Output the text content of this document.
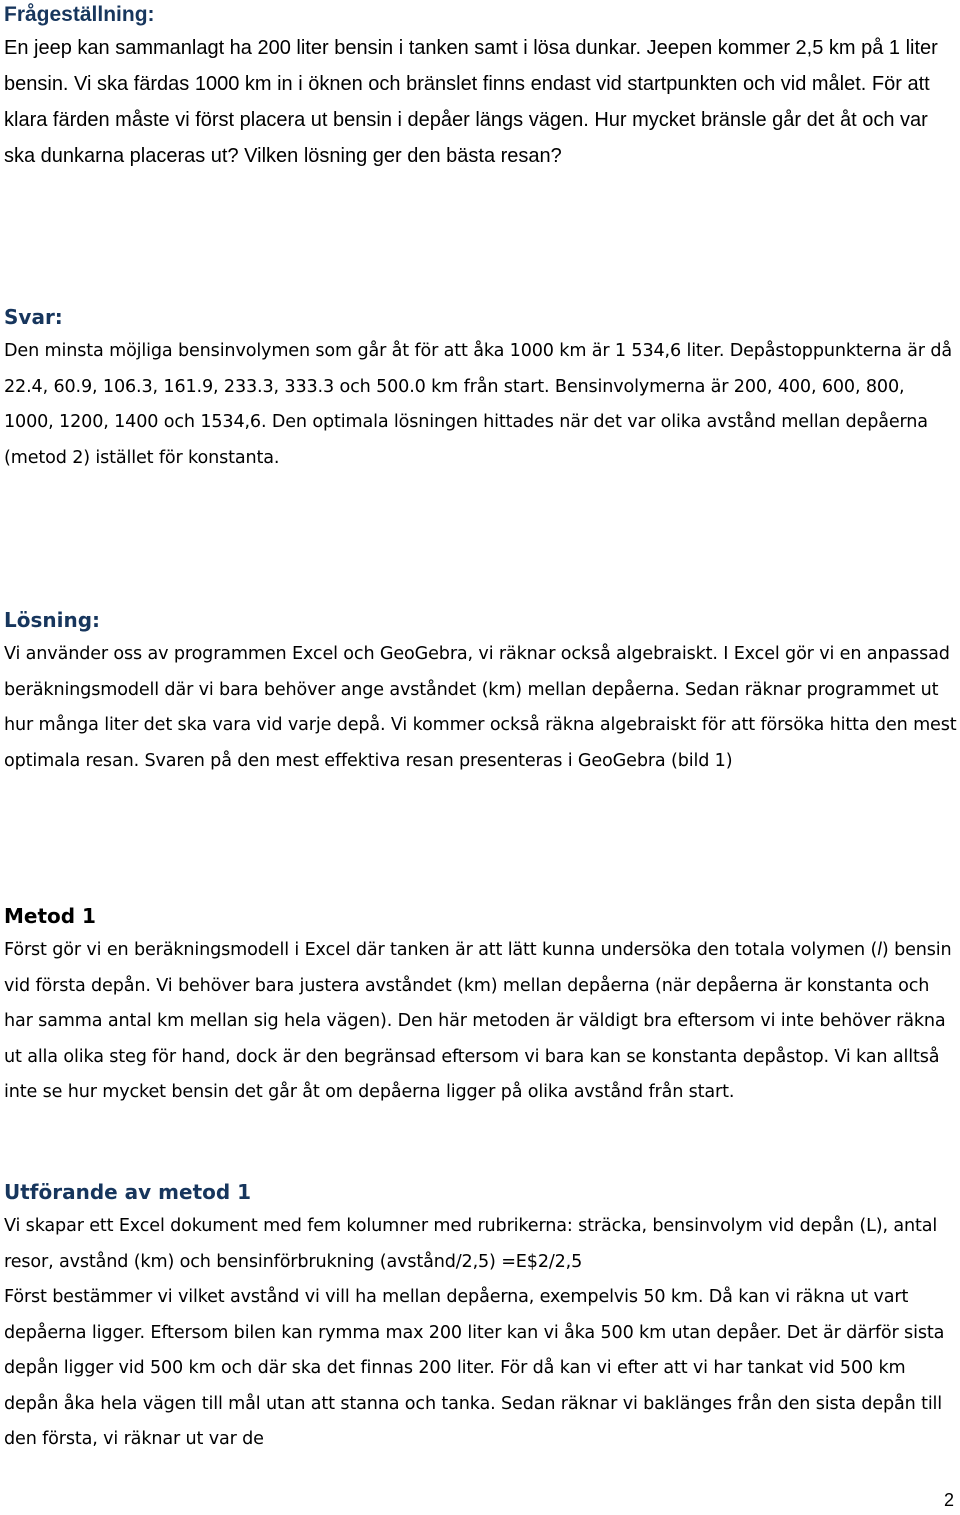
Frågeställning:

En jeep kan sammanlagt ha 200 liter bensin i tanken samt i lösa dunkar. Jeepen kommer 2,5 km på 1 liter bensin. Vi ska färdas 1000 km in i öknen och bränslet finns endast vid startpunkten och vid målet. För att klara färden måste vi först placera ut bensin i depåer längs vägen. Hur mycket bränsle går det åt och var ska dunkarna placeras ut? Vilken lösning ger den bästa resan?

Svar:

Den minsta möjliga bensinvolymen som går åt för att åka 1000 km är 1 534,6 liter. Depåstoppunkterna är då 22.4, 60.9, 106.3, 161.9, 233.3, 333.3 och 500.0 km från start. Bensinvolymerna är 200, 400, 600, 800, 1000, 1200, 1400 och 1534,6. Den optimala lösningen hittades när det var olika avstånd mellan depåerna (metod 2) istället för konstanta.

Lösning:

Vi använder oss av programmen Excel och GeoGebra, vi räknar också algebraiskt. I Excel gör vi en anpassad beräkningsmodell där vi bara behöver ange avståndet (km) mellan depåerna. Sedan räknar programmet ut hur många liter det ska vara vid varje depå. Vi kommer också räkna algebraiskt för att försöka hitta den mest optimala resan. Svaren på den mest effektiva resan presenteras i GeoGebra (bild 1)

Metod 1

Först gör vi en beräkningsmodell i Excel där tanken är att lätt kunna undersöka den totala volymen (l) bensin vid första depån. Vi behöver bara justera avståndet (km) mellan depåerna (när depåerna är konstanta och har samma antal km mellan sig hela vägen). Den här metoden är väldigt bra eftersom vi inte behöver räkna ut alla olika steg för hand, dock är den begränsad eftersom vi bara kan se konstanta depåstop. Vi kan alltså inte se hur mycket bensin det går åt om depåerna ligger på olika avstånd från start.

Utförande av metod 1

Vi skapar ett Excel dokument med fem kolumner med rubrikerna: sträcka, bensinvolym vid depån (L), antal resor, avstånd (km) och bensinförbrukning (avstånd/2,5) =E$2/2,5

Först bestämmer vi vilket avstånd vi vill ha mellan depåerna, exempelvis 50 km. Då kan vi räkna ut vart depåerna ligger. Eftersom bilen kan rymma max 200 liter kan vi åka 500 km utan depåer. Det är därför sista depån ligger vid 500 km och där ska det finnas 200 liter. För då kan vi efter att vi har tankat vid 500 km depån åka hela vägen till mål utan att stanna och tanka. Sedan räknar vi baklänges från den sista depån till den första, vi räknar ut var de

2
